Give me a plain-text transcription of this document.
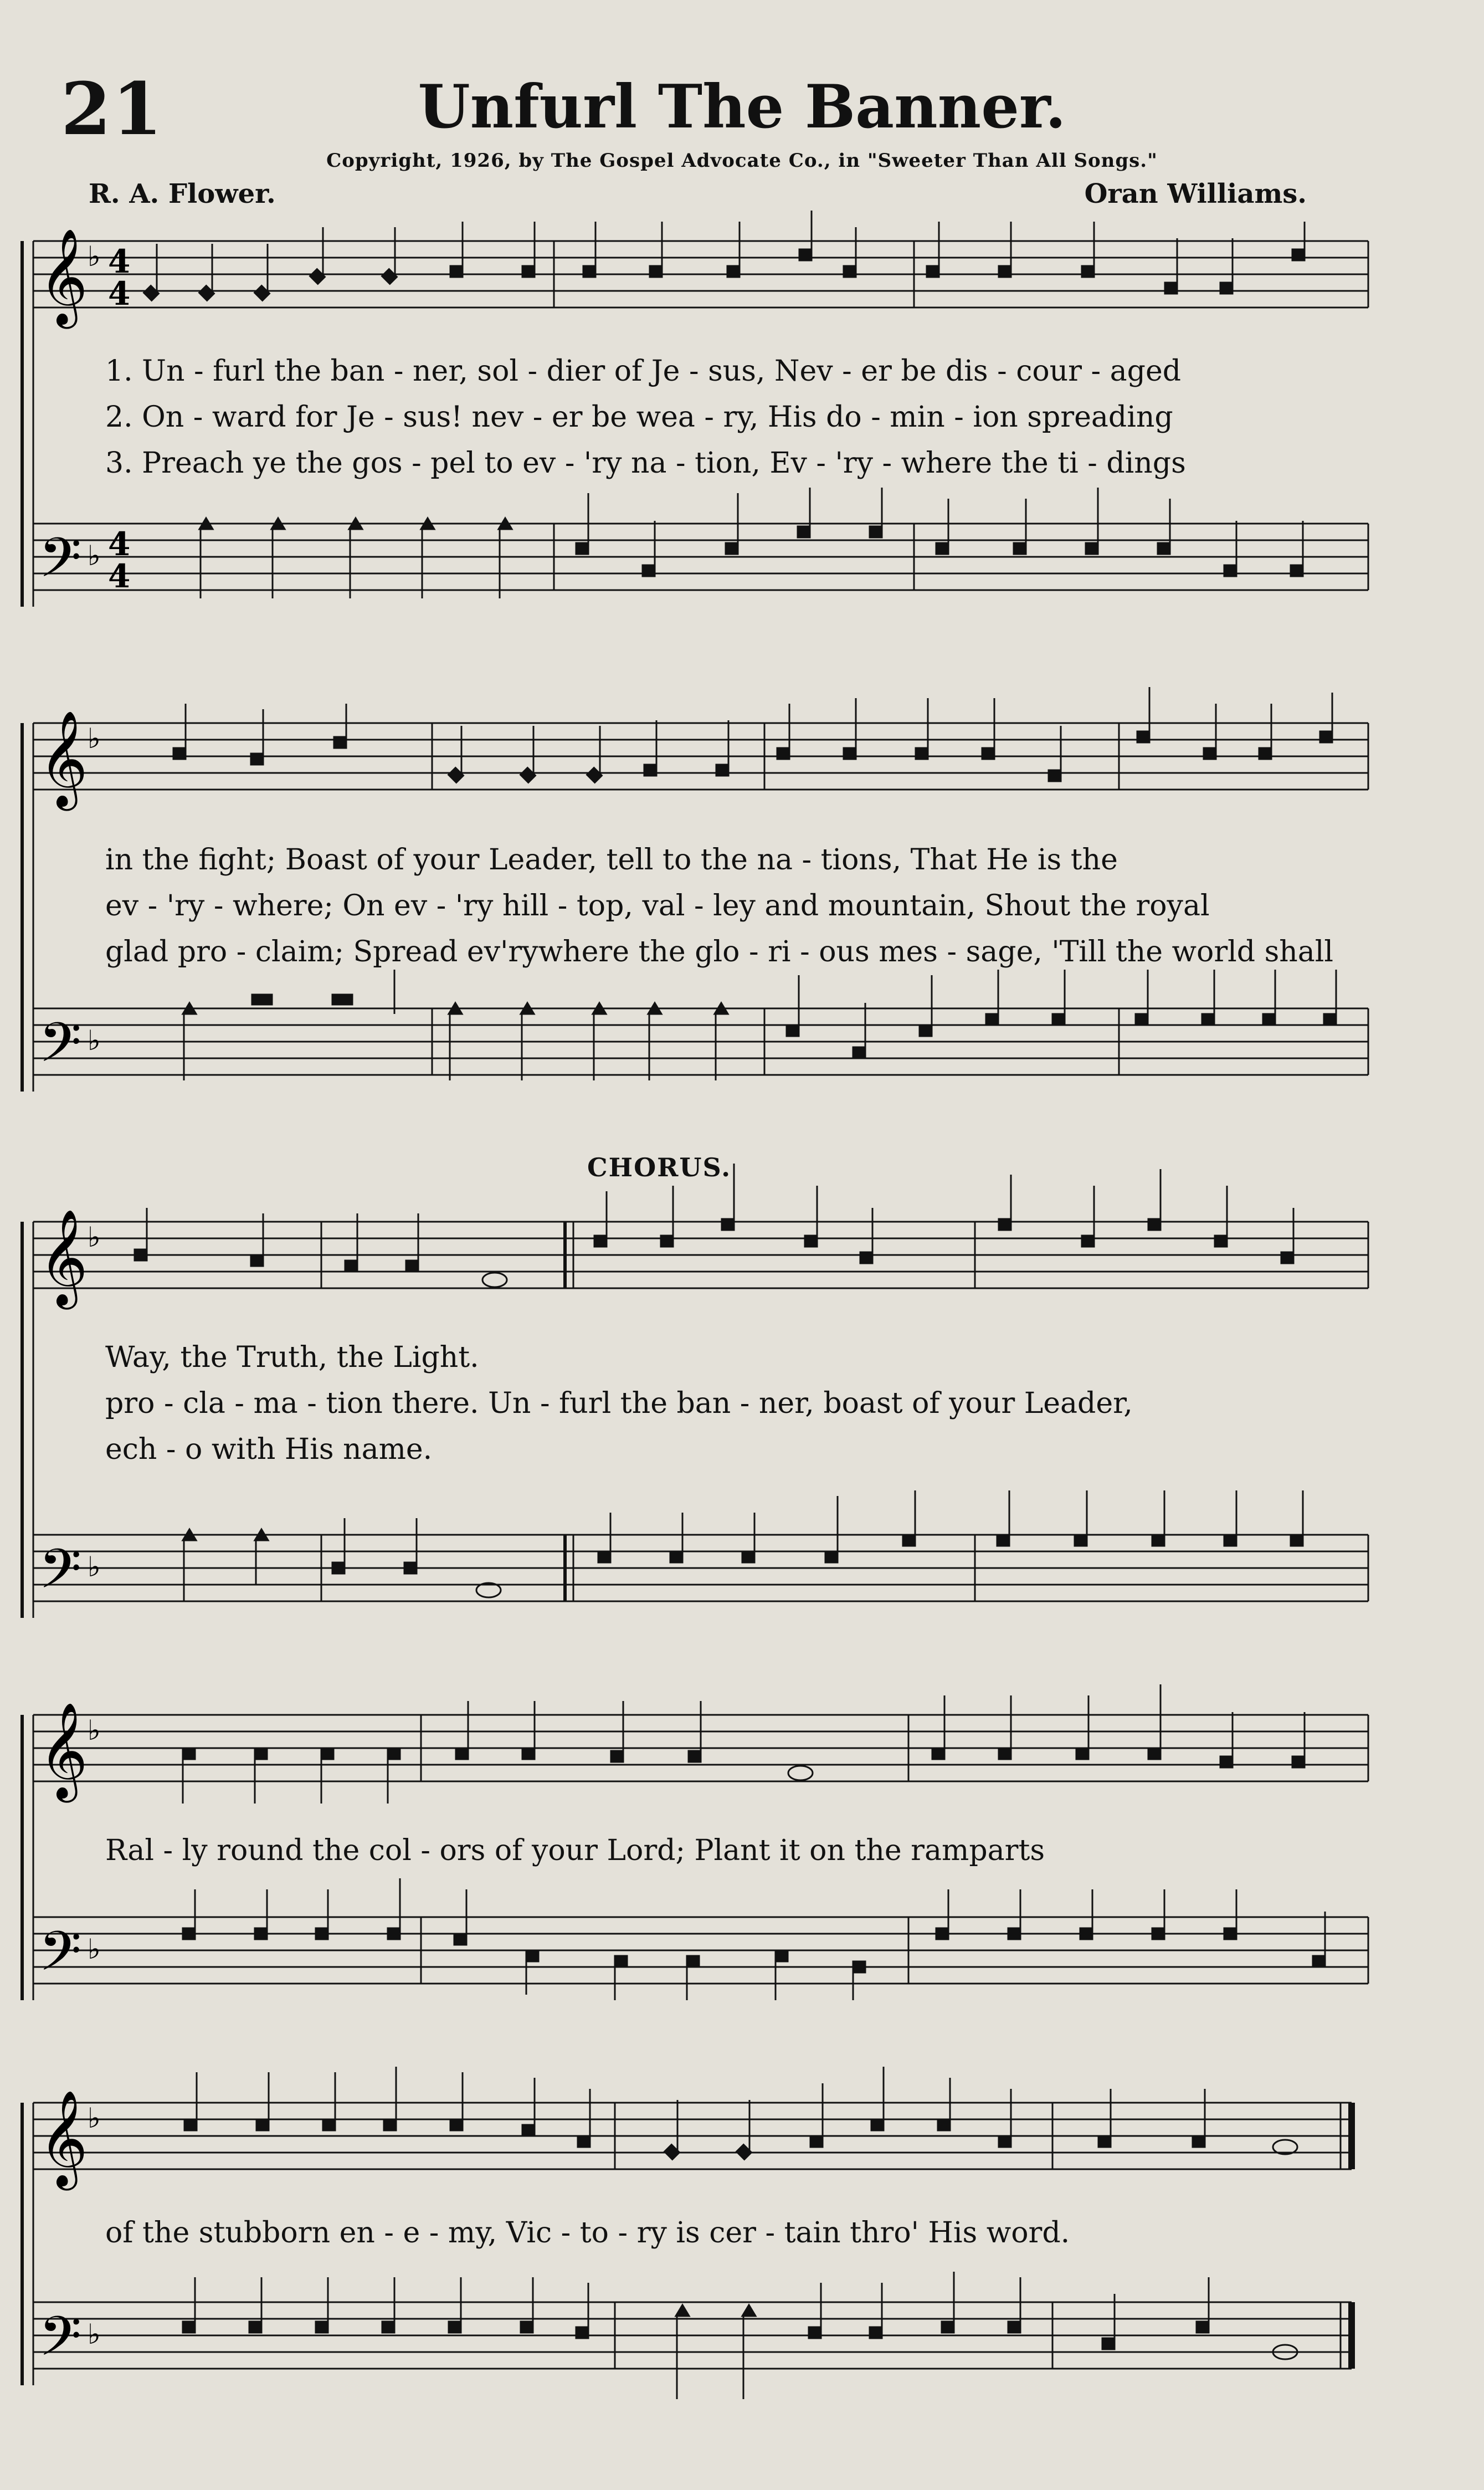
21	Unfurl The Banner.
Copyright, 1926, by The Gospel Advocate Co., in "Sweeter Than All Songs."
R. A. Flower.	Oran Williams.
𝄞
𝄢
♭
♭
4
4
4
4
1. Un - furl the ban - ner, sol - dier of Je - sus, Nev - er be dis - cour - aged
2. On - ward for Je - sus! nev - er be wea - ry, His do - min - ion spreading
3. Preach ye the gos - pel to ev - 'ry na - tion, Ev - 'ry - where the ti - dings
𝄞
𝄢
♭
♭
in the fight; Boast of your Leader, tell to the na - tions, That He is the
ev - 'ry - where; On ev - 'ry hill - top, val - ley and mountain, Shout the royal
glad pro - claim; Spread ev'rywhere the glo - ri - ous mes - sage, 'Till the world shall
CHORUS.
𝄞
𝄢
♭
♭
Way, the Truth, the Light.
pro - cla - ma - tion there. Un - furl the ban - ner, boast of your Leader,
ech - o with His name.
𝄞
𝄢
♭
♭
Ral - ly round the col - ors of your Lord; Plant it on the ramparts
𝄞
𝄢
♭
♭
of the stubborn en - e - my, Vic - to - ry is cer - tain thro' His word.
